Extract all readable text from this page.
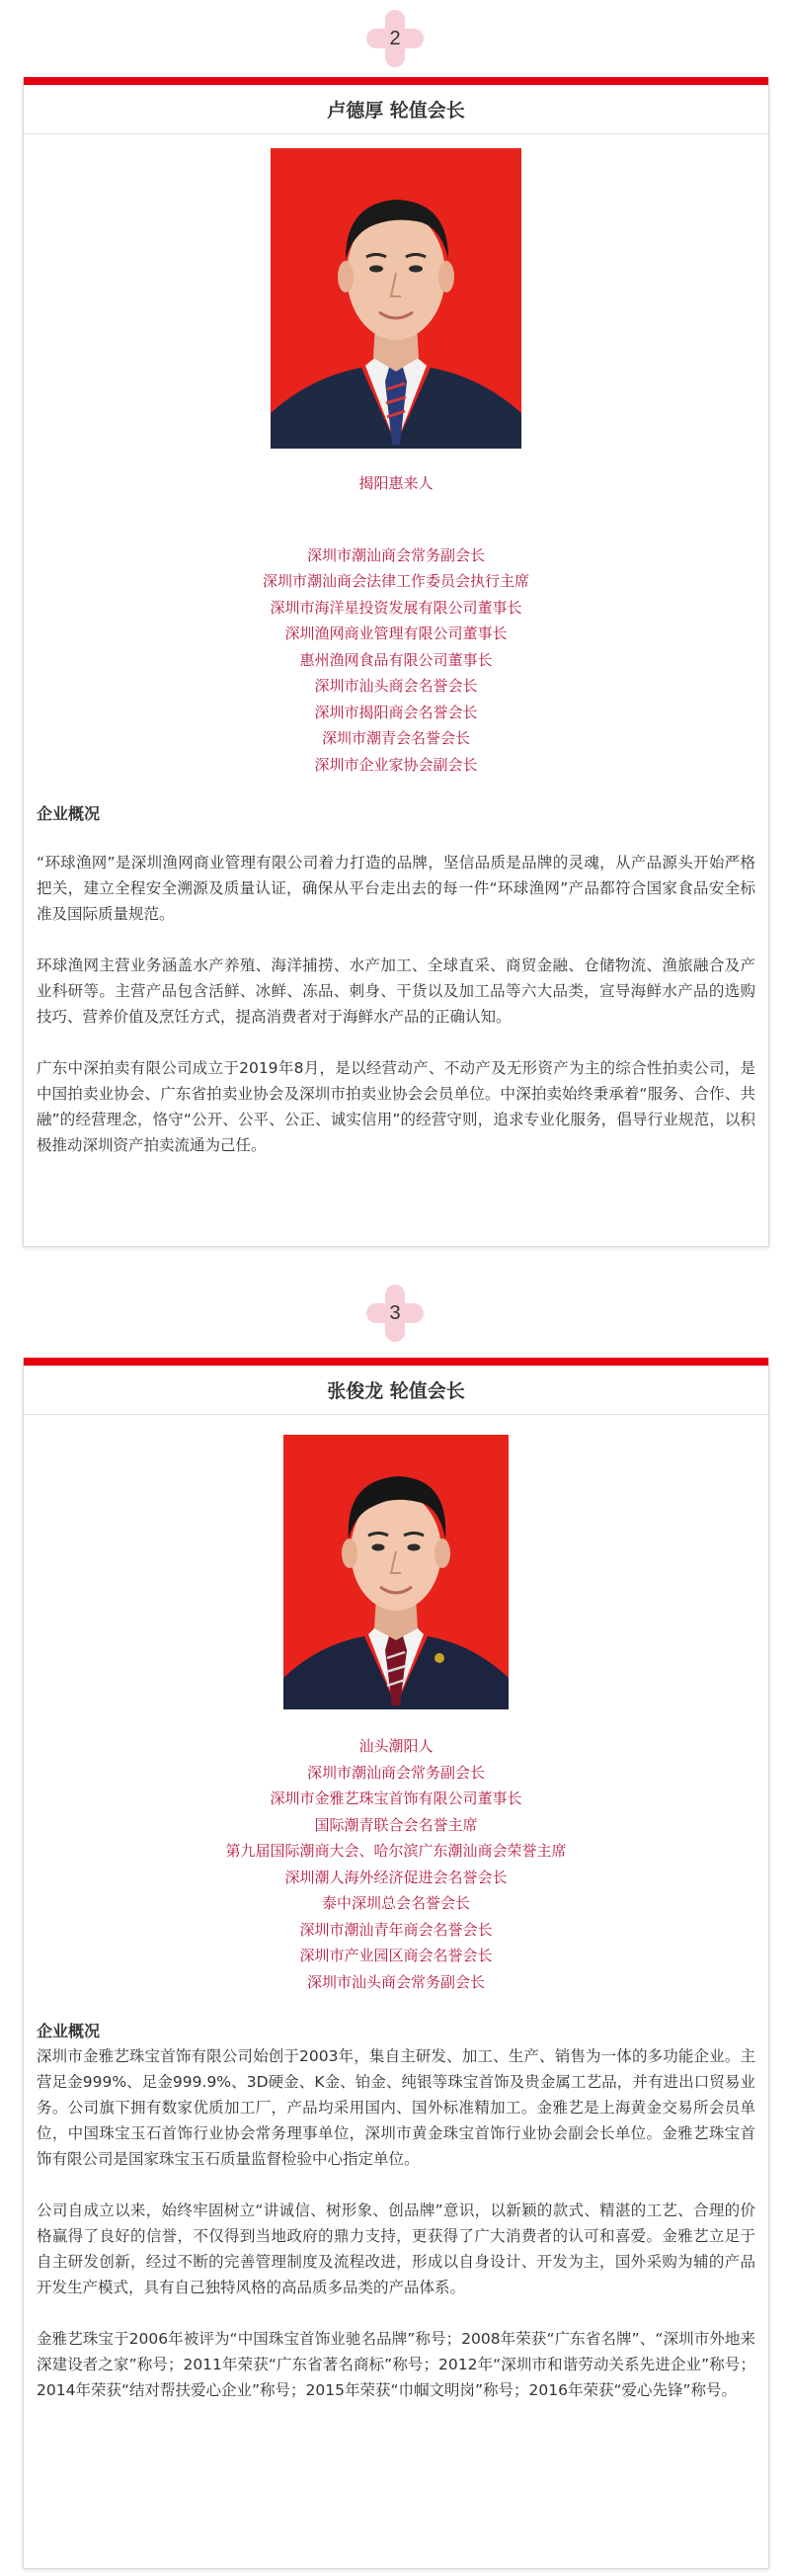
2
卢德厚 轮值会长
揭阳惠来人
深圳市潮汕商会常务副会长
深圳市潮汕商会法律工作委员会执行主席
深圳市海洋星投资发展有限公司董事长
深圳渔网商业管理有限公司董事长
惠州渔网食品有限公司董事长
深圳市汕头商会名誉会长
深圳市揭阳商会名誉会长
深圳市潮青会名誉会长
深圳市企业家协会副会长
企业概况

“环球渔网”是深圳渔网商业管理有限公司着力打造的品牌，坚信品质是品牌的灵魂，从产品源头开始严格把关，建立全程安全溯源及质量认证，确保从平台走出去的每一件“环球渔网”产品都符合国家食品安全标准及国际质量规范。

环球渔网主营业务涵盖水产养殖、海洋捕捞、水产加工、全球直采、商贸金融、仓储物流、渔旅融合及产业科研等。主营产品包含活鲜、冰鲜、冻品、刺身、干货以及加工品等六大品类，宣导海鲜水产品的选购技巧、营养价值及烹饪方式，提高消费者对于海鲜水产品的正确认知。

广东中深拍卖有限公司成立于2019年8月，是以经营动产、不动产及无形资产为主的综合性拍卖公司，是中国拍卖业协会、广东省拍卖业协会及深圳市拍卖业协会会员单位。中深拍卖始终秉承着“服务、合作、共融”的经营理念，恪守“公开、公平、公正、诚实信用”的经营守则，追求专业化服务，倡导行业规范，以积极推动深圳资产拍卖流通为己任。

3
张俊龙 轮值会长
汕头潮阳人
深圳市潮汕商会常务副会长
深圳市金雅艺珠宝首饰有限公司董事长
国际潮青联合会名誉主席
第九届国际潮商大会、哈尔滨广东潮汕商会荣誉主席
深圳潮人海外经济促进会名誉会长
泰中深圳总会名誉会长
深圳市潮汕青年商会名誉会长
深圳市产业园区商会名誉会长
深圳市汕头商会常务副会长
企业概况

深圳市金雅艺珠宝首饰有限公司始创于2003年，集自主研发、加工、生产、销售为一体的多功能企业。主营足金999%、足金999.9%、3D硬金、K金、铂金、纯银等珠宝首饰及贵金属工艺品，并有进出口贸易业务。公司旗下拥有数家优质加工厂，产品均采用国内、国外标准精加工。金雅艺是上海黄金交易所会员单位，中国珠宝玉石首饰行业协会常务理事单位，深圳市黄金珠宝首饰行业协会副会长单位。金雅艺珠宝首饰有限公司是国家珠宝玉石质量监督检验中心指定单位。

公司自成立以来，始终牢固树立“讲诚信、树形象、创品牌”意识，以新颖的款式、精湛的工艺、合理的价格赢得了良好的信誉，不仅得到当地政府的鼎力支持，更获得了广大消费者的认可和喜爱。金雅艺立足于自主研发创新，经过不断的完善管理制度及流程改进，形成以自身设计、开发为主，国外采购为辅的产品开发生产模式，具有自己独特风格的高品质多品类的产品体系。

金雅艺珠宝于2006年被评为“中国珠宝首饰业驰名品牌”称号；2008年荣获“广东省名牌”、“深圳市外地来深建设者之家”称号；2011年荣获“广东省著名商标”称号；2012年“深圳市和谐劳动关系先进企业”称号；2014年荣获“结对帮扶爱心企业”称号；2015年荣获“巾帼文明岗”称号；2016年荣获“爱心先锋”称号。
